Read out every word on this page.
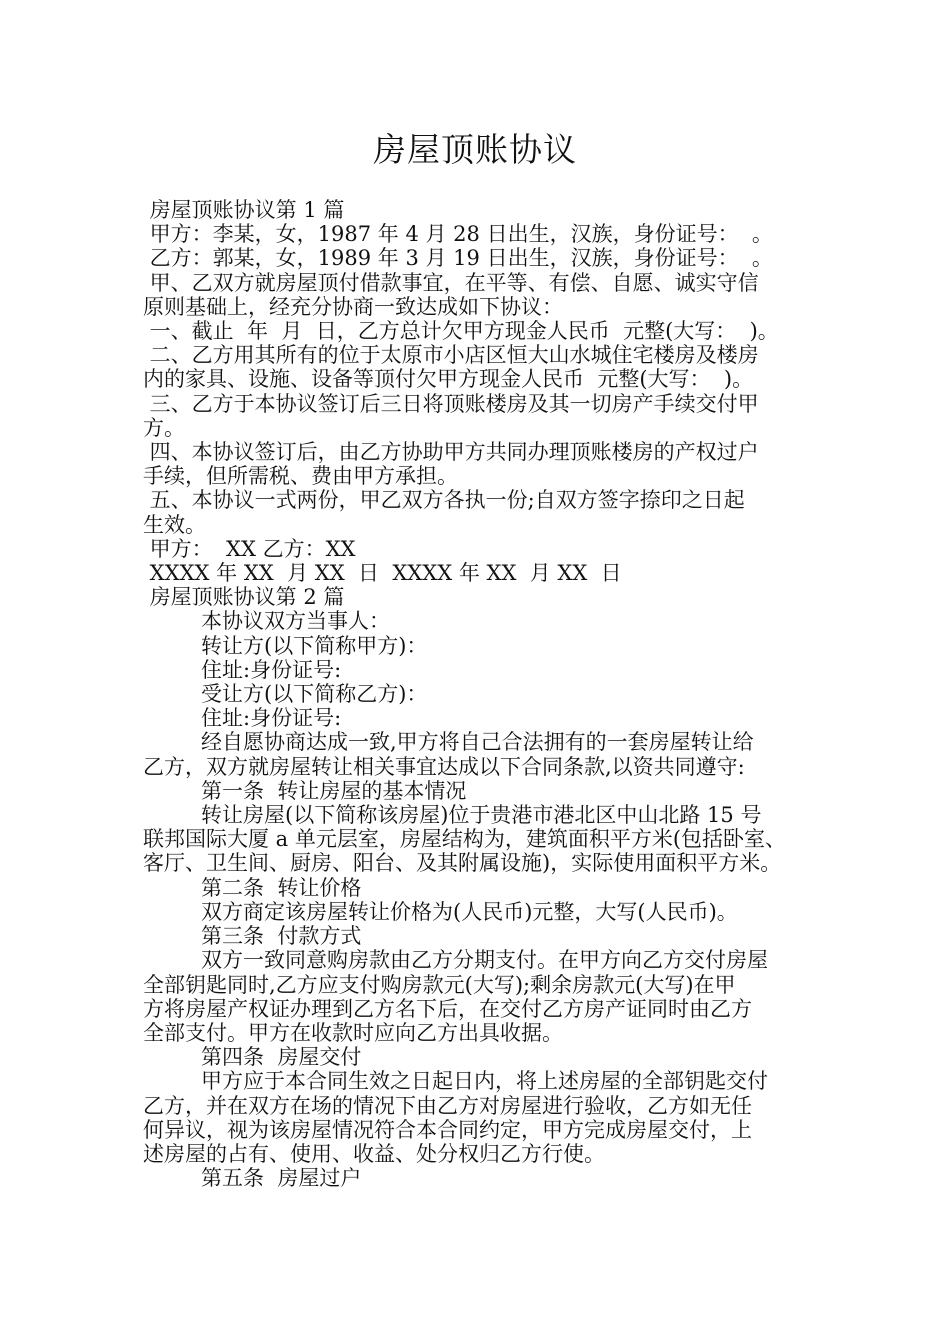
房屋顶账协议
房屋顶账协议第 1 篇
甲方：李某，女，1987 年 4 月 28 日出生，汉族，身份证号：  。
乙方：郭某，女，1989 年 3 月 19 日出生，汉族，身份证号：  。
甲、乙双方就房屋顶付借款事宜，在平等、有偿、自愿、诚实守信
原则基础上，经充分协商一致达成如下协议：
一、截止  年  月  日，乙方总计欠甲方现金人民币  元整(大写：  )。
二、乙方用其所有的位于太原市小店区恒大山水城住宅楼房及楼房
内的家具、设施、设备等顶付欠甲方现金人民币  元整(大写：  )。
三、乙方于本协议签订后三日将顶账楼房及其一切房产手续交付甲
方。
四、本协议签订后，由乙方协助甲方共同办理顶账楼房的产权过户
手续，但所需税、费由甲方承担。
五、本协议一式两份，甲乙双方各执一份;自双方签字捺印之日起
生效。
甲方：  XX 乙方：XX
XXXX 年 XX  月 XX  日  XXXX 年 XX  月 XX  日
房屋顶账协议第 2 篇
本协议双方当事人：
转让方(以下简称甲方)：
住址:身份证号:
受让方(以下简称乙方)：
住址:身份证号:
经自愿协商达成一致,甲方将自己合法拥有的一套房屋转让给
乙方，双方就房屋转让相关事宜达成以下合同条款,以资共同遵守:
第一条  转让房屋的基本情况
转让房屋(以下简称该房屋)位于贵港市港北区中山北路 15 号
联邦国际大厦 a 单元层室，房屋结构为，建筑面积平方米(包括卧室、
客厅、卫生间、厨房、阳台、及其附属设施)，实际使用面积平方米。
第二条  转让价格
双方商定该房屋转让价格为(人民币)元整，大写(人民币)。
第三条  付款方式
双方一致同意购房款由乙方分期支付。在甲方向乙方交付房屋
全部钥匙同时,乙方应支付购房款元(大写);剩余房款元(大写)在甲
方将房屋产权证办理到乙方名下后，在交付乙方房产证同时由乙方
全部支付。甲方在收款时应向乙方出具收据。
第四条  房屋交付
甲方应于本合同生效之日起日内，将上述房屋的全部钥匙交付
乙方，并在双方在场的情况下由乙方对房屋进行验收，乙方如无任
何异议，视为该房屋情况符合本合同约定，甲方完成房屋交付，上
述房屋的占有、使用、收益、处分权归乙方行使。
第五条  房屋过户
